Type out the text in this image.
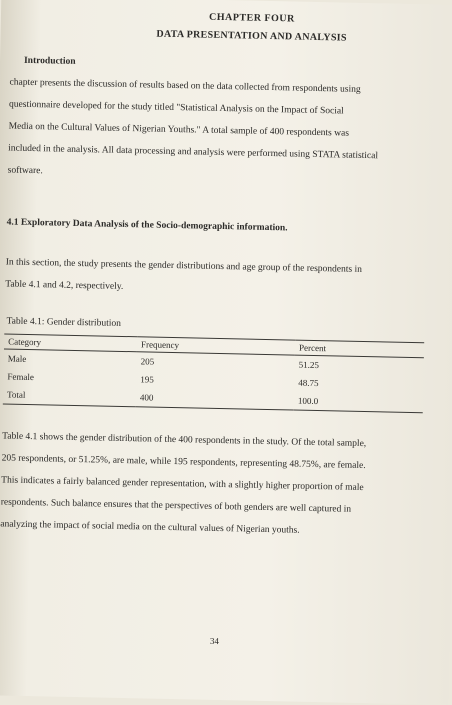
CHAPTER FOUR
DATA PRESENTATION AND ANALYSIS
Introduction
chapter presents the discussion of results based on the data collected from respondents using
questionnaire developed for the study titled "Statistical Analysis on the Impact of Social
Media on the Cultural Values of Nigerian Youths." A total sample of 400 respondents was
included in the analysis. All data processing and analysis were performed using STATA statistical
software.
4.1 Exploratory Data Analysis of the Socio-demographic information.
In this section, the study presents the gender distributions and age group of the respondents in
Table 4.1 and 4.2, respectively.
Table 4.1: Gender distribution
Category	Frequency	Percent
Male	205	51.25
Female	195	48.75
Total	400	100.0
Table 4.1 shows the gender distribution of the 400 respondents in the study. Of the total sample,
205 respondents, or 51.25%, are male, while 195 respondents, representing 48.75%, are female.
This indicates a fairly balanced gender representation, with a slightly higher proportion of male
respondents. Such balance ensures that the perspectives of both genders are well captured in
analyzing the impact of social media on the cultural values of Nigerian youths.
34
